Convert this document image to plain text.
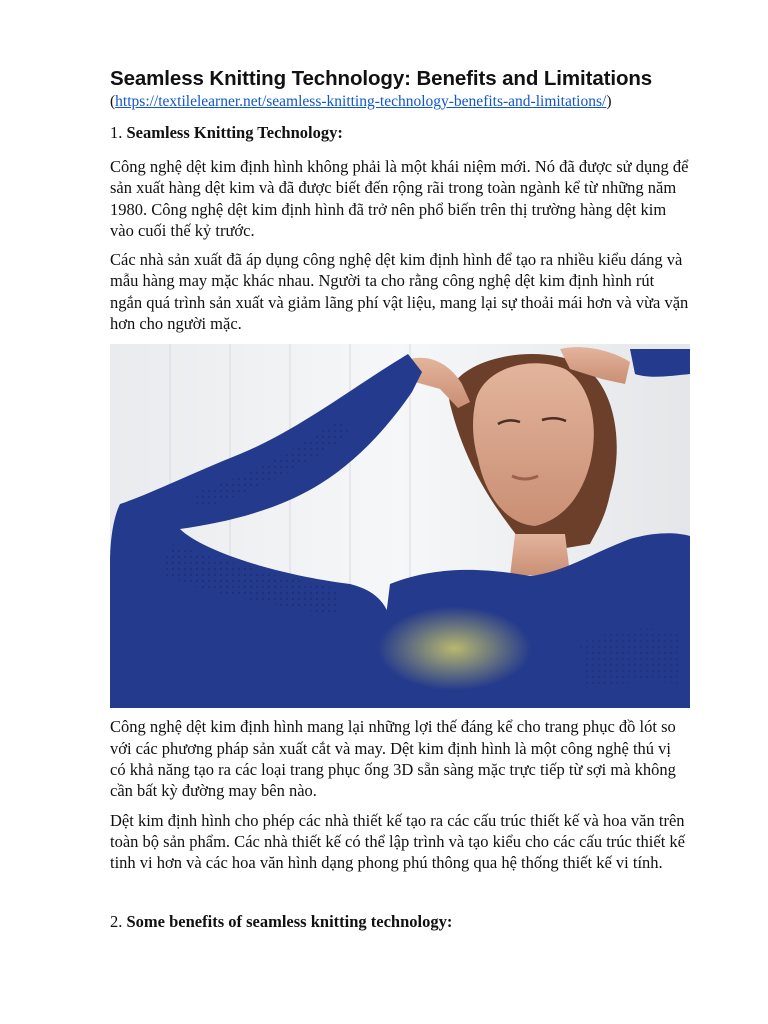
Seamless Knitting Technology: Benefits and Limitations

(https://textilelearner.net/seamless-knitting-technology-benefits-and-limitations/)

1. Seamless Knitting Technology:

Công nghệ dệt kim định hình không phải là một khái niệm mới. Nó đã được sử dụng để sản xuất hàng dệt kim và đã được biết đến rộng rãi trong toàn ngành kể từ những năm 1980. Công nghệ dệt kim định hình đã trở nên phổ biến trên thị trường hàng dệt kim vào cuối thế kỷ trước.

Các nhà sản xuất đã áp dụng công nghệ dệt kim định hình để tạo ra nhiều kiểu dáng và mẫu hàng may mặc khác nhau. Người ta cho rằng công nghệ dệt kim định hình rút ngắn quá trình sản xuất và giảm lãng phí vật liệu, mang lại sự thoải mái hơn và vừa vặn hơn cho người mặc.

Công nghệ dệt kim định hình mang lại những lợi thế đáng kể cho trang phục đồ lót so với các phương pháp sản xuất cắt và may. Dệt kim định hình là một công nghệ thú vị có khả năng tạo ra các loại trang phục ống 3D sẵn sàng mặc trực tiếp từ sợi mà không cần bất kỳ đường may bên nào.

Dệt kim định hình cho phép các nhà thiết kế tạo ra các cấu trúc thiết kế và hoa văn trên toàn bộ sản phẩm. Các nhà thiết kế có thể lập trình và tạo kiểu cho các cấu trúc thiết kế tinh vi hơn và các hoa văn hình dạng phong phú thông qua hệ thống thiết kế vi tính.

2. Some benefits of seamless knitting technology:
